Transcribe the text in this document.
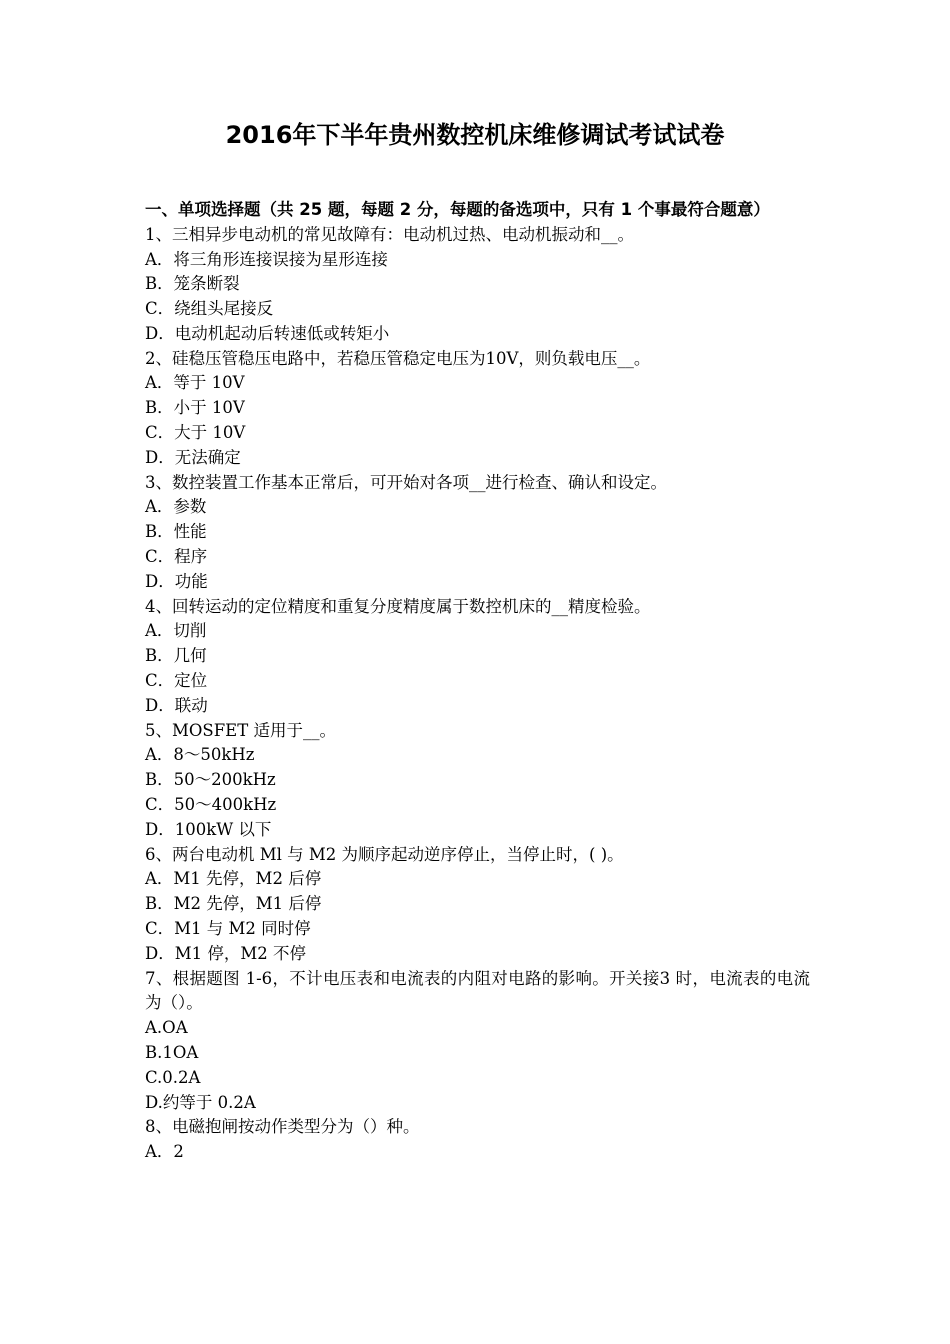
2016年下半年贵州数控机床维修调试考试试卷
一、单项选择题（共 25 题，每题 2 分，每题的备选项中，只有 1 个事最符合题意）
1、三相异步电动机的常见故障有：电动机过热、电动机振动和__。
A．将三角形连接误接为星形连接
B．笼条断裂
C．绕组头尾接反
D．电动机起动后转速低或转矩小
2、硅稳压管稳压电路中，若稳压管稳定电压为10V，则负载电压__。
A．等于 10V
B．小于 10V
C．大于 10V
D．无法确定
3、数控装置工作基本正常后，可开始对各项__进行检查、确认和设定。
A．参数
B．性能
C．程序
D．功能
4、回转运动的定位精度和重复分度精度属于数控机床的__精度检验。
A．切削
B．几何
C．定位
D．联动
5、MOSFET 适用于__。
A．8～50kHz
B．50～200kHz
C．50～400kHz
D．100kW 以下
6、两台电动机 Ml 与 M2 为顺序起动逆序停止，当停止时，( )。
A．M1 先停，M2 后停
B．M2 先停，M1 后停
C．M1 与 M2 同时停
D．M1 停，M2 不停
7、根据题图 1-6，不计电压表和电流表的内阻对电路的影响。开关接3 时，电流表的电流为（）。
A.OA
B.1OA
C.0.2A
D.约等于 0.2A
8、电磁抱闸按动作类型分为（）种。
A．2
